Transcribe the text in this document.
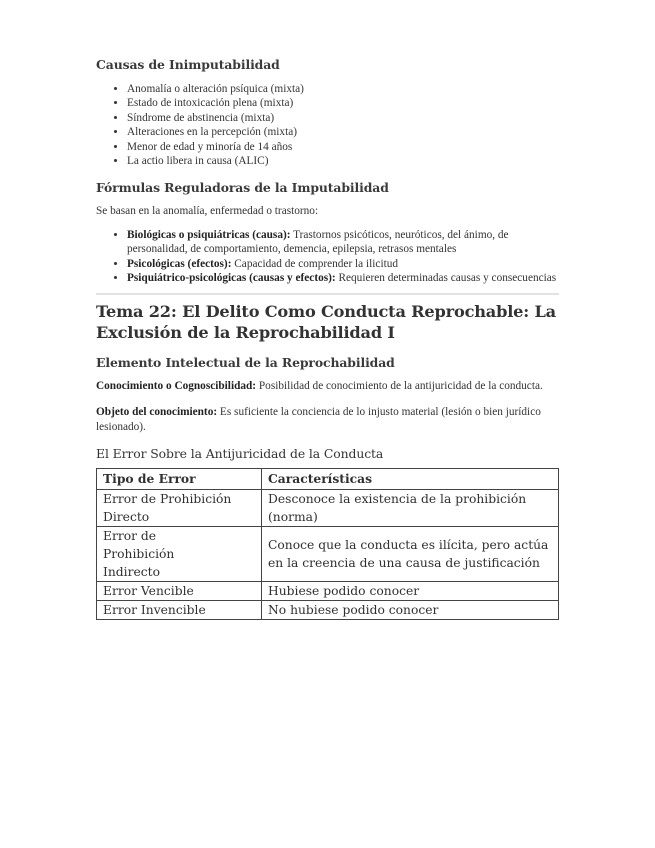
Causas de Inimputabilidad
• Anomalía o alteración psíquica (mixta)
• Estado de intoxicación plena (mixta)
• Síndrome de abstinencia (mixta)
• Alteraciones en la percepción (mixta)
• Menor de edad y minoría de 14 años
• La actio libera in causa (ALIC)
Fórmulas Reguladoras de la Imputabilidad

Se basan en la anomalía, enfermedad o trastorno:

• Biológicas o psiquiátricas (causa): Trastornos psicóticos, neuróticos, del ánimo, de personalidad, de comportamiento, demencia, epilepsia, retrasos mentales
• Psicológicas (efectos): Capacidad de comprender la ilicitud
• Psiquiátrico-psicológicas (causas y efectos): Requieren determinadas causas y consecuencias
Tema 22: El Delito Como Conducta Reprochable: La Exclusión de la Reprochabilidad I
Elemento Intelectual de la Reprochabilidad

Conocimiento o Cognoscibilidad: Posibilidad de conocimiento de la antijuricidad de la conducta.

Objeto del conocimiento: Es suficiente la conciencia de lo injusto material (lesión o bien jurídico lesionado).

El Error Sobre la Antijuricidad de la Conducta
Tipo de Error	Características
Error de Prohibición Directo	Desconoce la existencia de la prohibición (norma)
Error de Prohibición Indirecto	Conoce que la conducta es ilícita, pero actúa en la creencia de una causa de justificación
Error Vencible	Hubiese podido conocer
Error Invencible	No hubiese podido conocer
